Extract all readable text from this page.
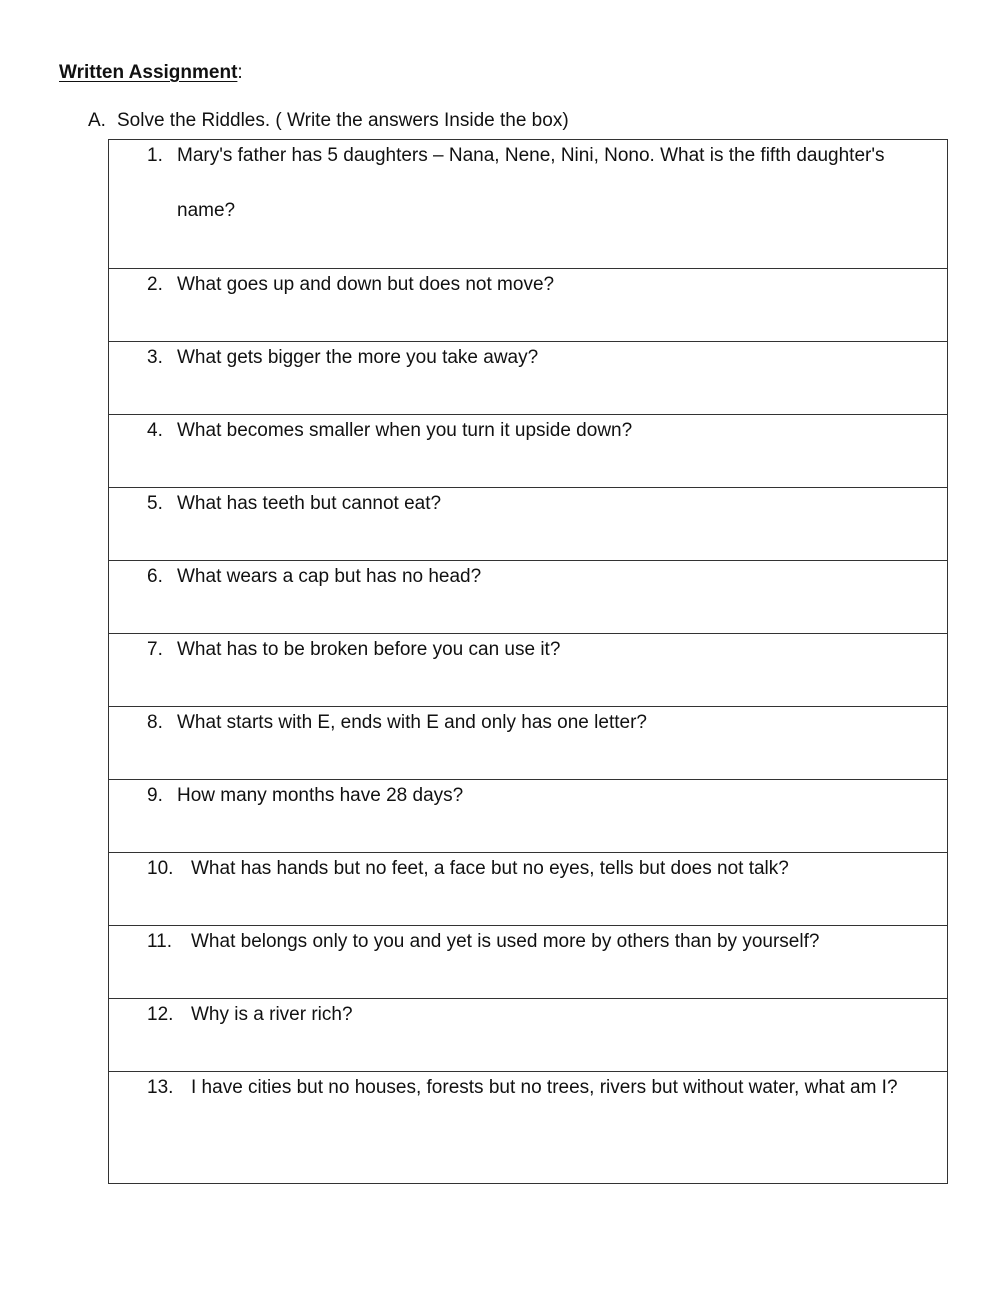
Written Assignment:
A. Solve the Riddles. ( Write the answers Inside the box)
1. Mary's father has 5 daughters – Nana, Nene, Nini, Nono. What is the fifth daughter's name?
2. What goes up and down but does not move?
3. What gets bigger the more you take away?
4. What becomes smaller when you turn it upside down?
5. What has teeth but cannot eat?
6. What wears a cap but has no head?
7. What has to be broken before you can use it?
8. What starts with E, ends with E and only has one letter?
9. How many months have 28 days?
10. What has hands but no feet, a face but no eyes, tells but does not talk?
11. What belongs only to you and yet is used more by others than by yourself?
12. Why is a river rich?
13. I have cities but no houses, forests but no trees, rivers but without water, what am I?
